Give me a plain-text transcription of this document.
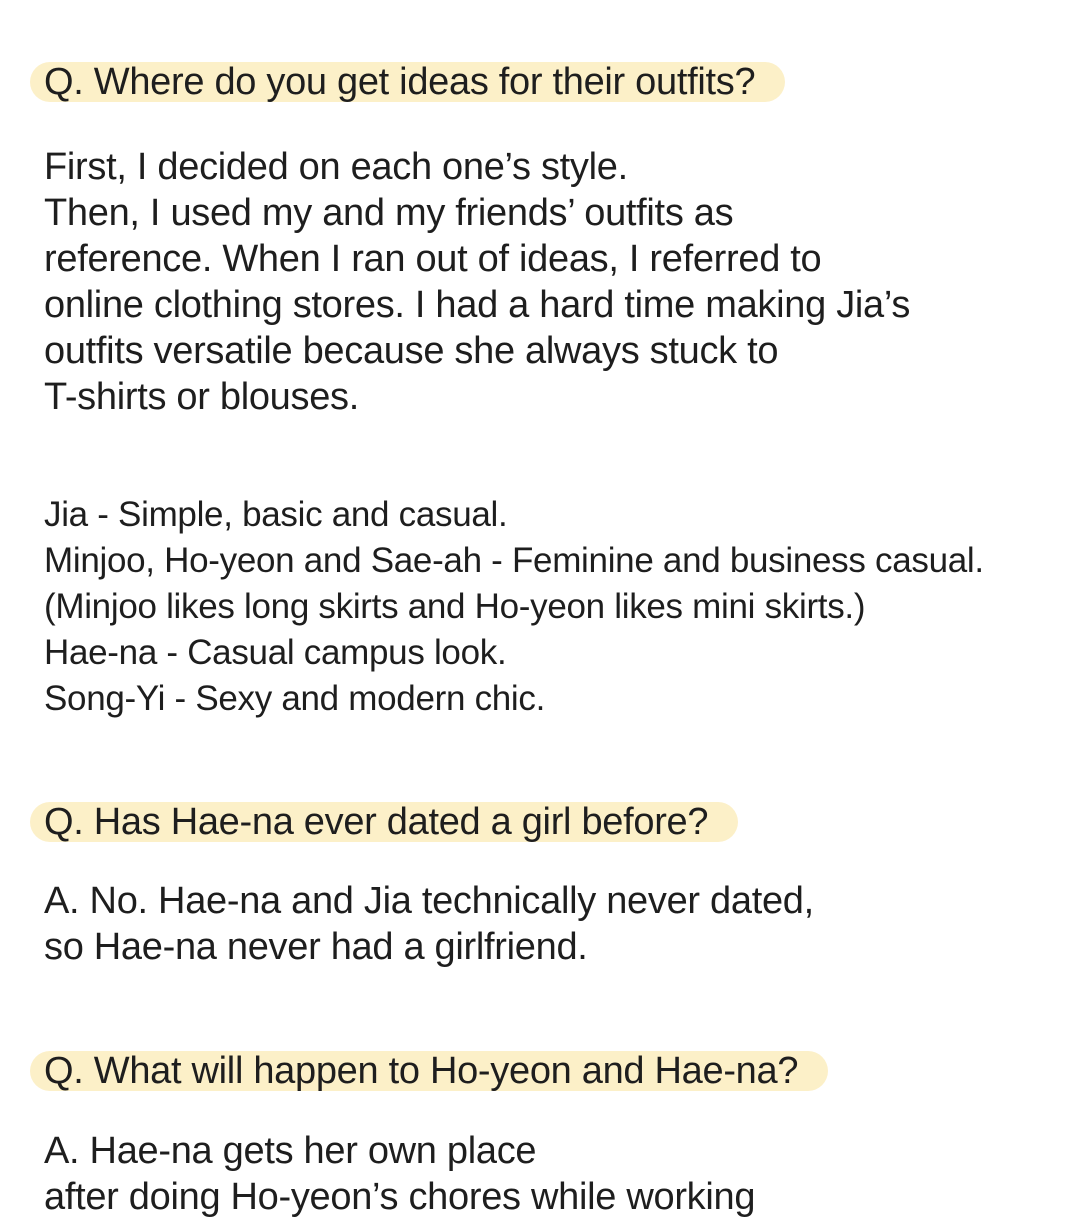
Q. Where do you get ideas for their outfits?

First, I decided on each one’s style.
Then, I used my and my friends’ outfits as
reference. When I ran out of ideas, I referred to
online clothing stores. I had a hard time making Jia’s
outfits versatile because she always stuck to
T-shirts or blouses.

Jia - Simple, basic and casual.
Minjoo, Ho-yeon and Sae-ah - Feminine and business casual.
(Minjoo likes long skirts and Ho-yeon likes mini skirts.)
Hae-na - Casual campus look.
Song-Yi - Sexy and modern chic.

Q. Has Hae-na ever dated a girl before?

A. No. Hae-na and Jia technically never dated,
so Hae-na never had a girlfriend.

Q. What will happen to Ho-yeon and Hae-na?

A. Hae-na gets her own place
after doing Ho-yeon’s chores while working
